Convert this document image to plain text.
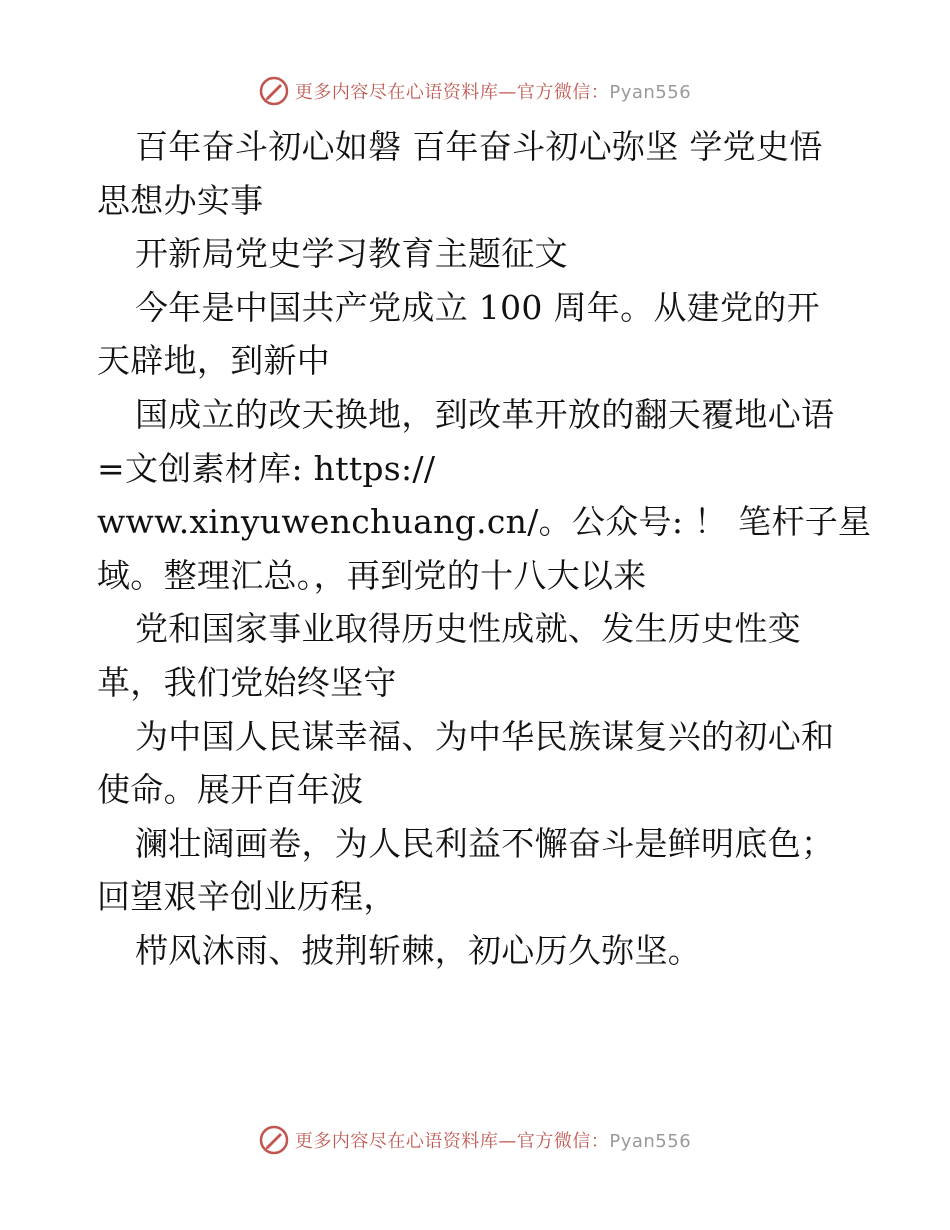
更多内容尽在心语资料库—官方微信：Pyan556
百年奋斗初心如磐 百年奋斗初心弥坚 学党史悟
思想办实事
开新局党史学习教育主题征文
今年是中国共产党成立 100 周年。从建党的开
天辟地，到新中
国成立的改天换地，到改革开放的翻天覆地心语
=文创素材库: https://
www.xinyuwenchuang.cn/。公众号: ！ 笔杆子星
域。整理汇总。，再到党的十八大以来
党和国家事业取得历史性成就、发生历史性变
革，我们党始终坚守
为中国人民谋幸福、为中华民族谋复兴的初心和
使命。展开百年波
澜壮阔画卷，为人民利益不懈奋斗是鲜明底色；
回望艰辛创业历程，
栉风沐雨、披荆斩棘，初心历久弥坚。
更多内容尽在心语资料库—官方微信：Pyan556
